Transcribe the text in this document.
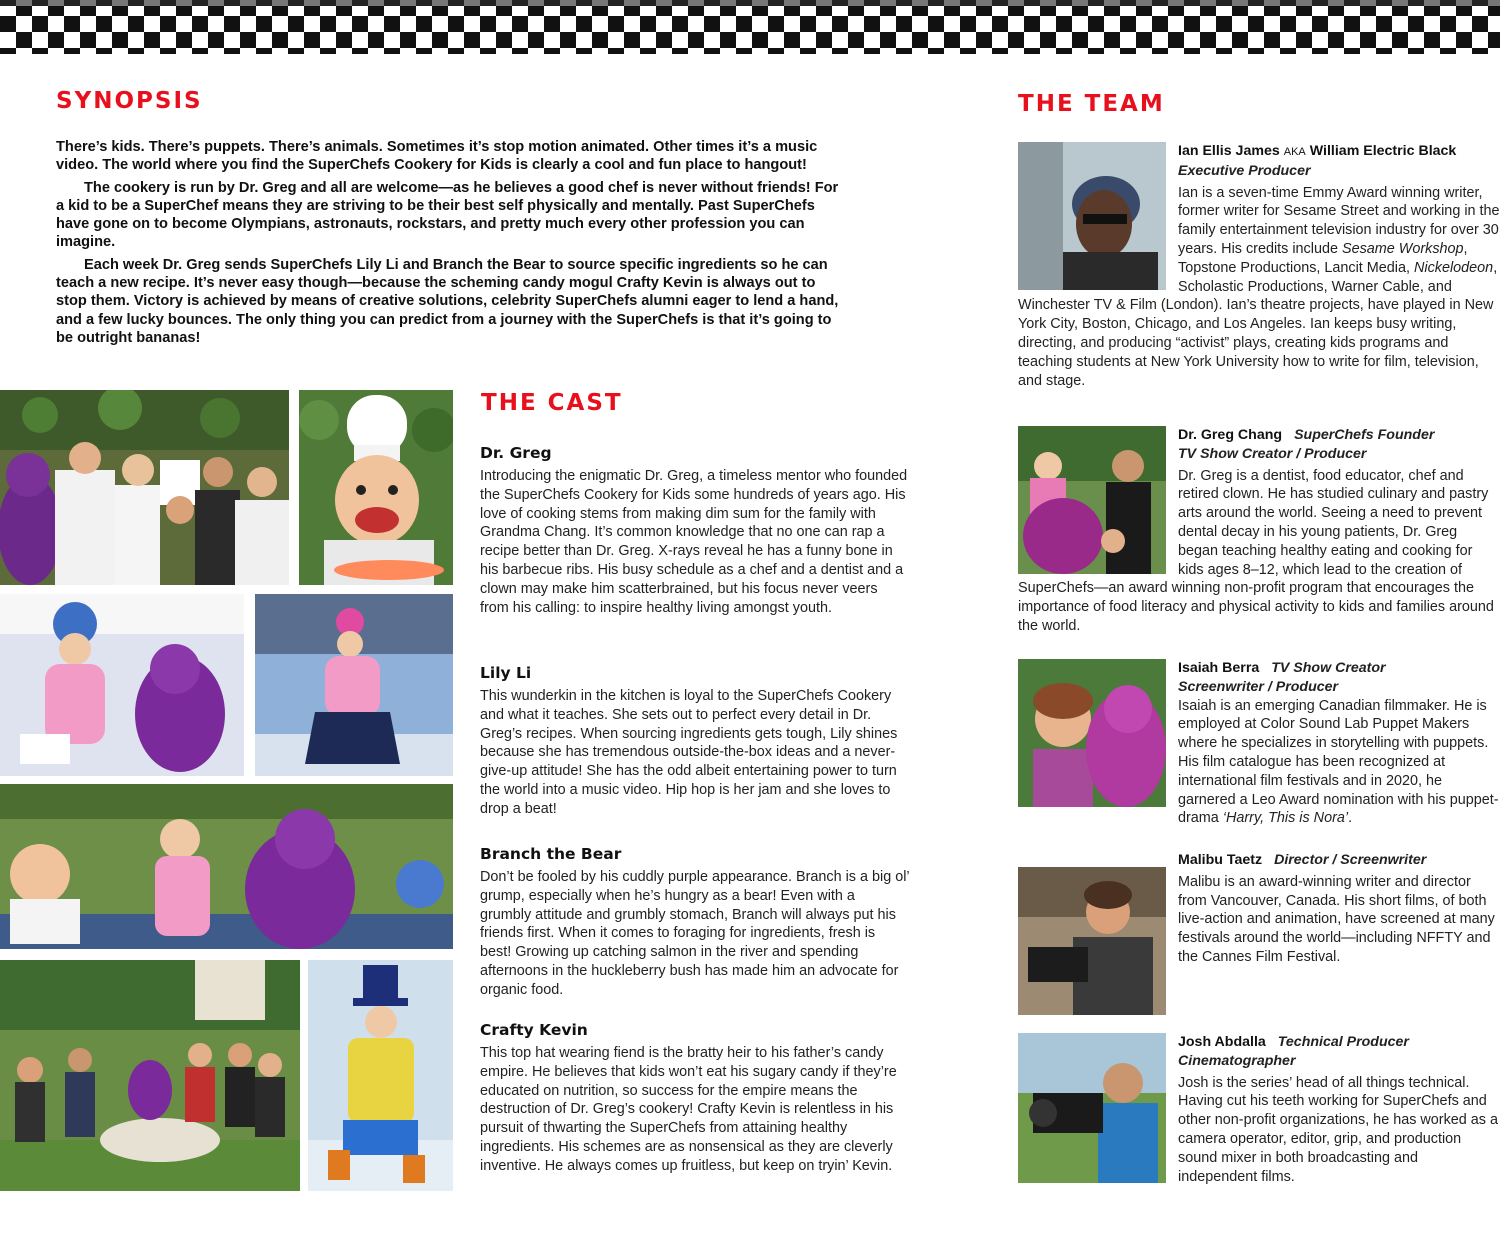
SYNOPSIS

There’s kids. There’s puppets. There’s animals. Sometimes it’s stop motion animated. Other times it’s a music video. The world where you find the SuperChefs Cookery for Kids is clearly a cool and fun place to hangout!

The cookery is run by Dr. Greg and all are welcome—as he believes a good chef is never without friends! For a kid to be a SuperChef means they are striving to be their best self physically and mentally. Past SuperChefs have gone on to become Olympians, astronauts, rockstars, and pretty much every other profession you can imagine.

Each week Dr. Greg sends SuperChefs Lily Li and Branch the Bear to source specific ingredients so he can teach a new recipe. It’s never easy though—because the scheming candy mogul Crafty Kevin is always out to stop them. Victory is achieved by means of creative solutions, celebrity SuperChefs alumni eager to lend a hand, and a few lucky bounces. The only thing you can predict from a journey with the SuperChefs is that it’s going to be outright bananas!

THE CAST
Dr. Greg

Introducing the enigmatic Dr. Greg, a timeless mentor who founded the SuperChefs Cookery for Kids some hundreds of years ago. His love of cooking stems from making dim sum for the family with Grandma Chang. It’s common knowledge that no one can rap a recipe better than Dr. Greg. X-rays reveal he has a funny bone in his barbecue ribs. His busy schedule as a chef and a dentist and a clown may make him scatterbrained, but his focus never veers from his calling: to inspire healthy living amongst youth.

Lily Li

This wunderkin in the kitchen is loyal to the SuperChefs Cookery and what it teaches. She sets out to perfect every detail in Dr. Greg’s recipes. When sourcing ingredients gets tough, Lily shines because she has tremendous outside-the-box ideas and a never-give-up attitude! She has the odd albeit entertaining power to turn the world into a music video. Hip hop is her jam and she loves to drop a beat!

Branch the Bear

Don’t be fooled by his cuddly purple appearance. Branch is a big ol’ grump, especially when he’s hungry as a bear! Even with a grumbly attitude and grumbly stomach, Branch will always put his friends first. When it comes to foraging for ingredients, fresh is best! Growing up catching salmon in the river and spending afternoons in the huckleberry bush has made him an advocate for organic food.

Crafty Kevin

This top hat wearing fiend is the bratty heir to his father’s candy empire. He believes that kids won’t eat his sugary candy if they’re educated on nutrition, so success for the empire means the destruction of Dr. Greg’s cookery! Crafty Kevin is relentless in his pursuit of thwarting the SuperChefs from attaining healthy ingredients. His schemes are as nonsensical as they are cleverly inventive. He always comes up fruitless, but keep on tryin’ Kevin.

THE TEAM

Ian Ellis James AKA William Electric Black

Executive Producer

Ian is a seven-time Emmy Award winning writer, former writer for Sesame Street and working in the family entertainment television industry for over 30 years. His credits include Sesame Workshop, Topstone Productions, Lancit Media, Nickelodeon, Scholastic Productions, Warner Cable, and Winchester TV & Film (London). Ian’s theatre projects, have played in New York City, Boston, Chicago, and Los Angeles. Ian keeps busy writing, directing, and producing “activist” plays, creating kids programs and teaching students at New York University how to write for film, television, and stage.

Dr. Greg Chang SuperChefs Founder

TV Show Creator / Producer

Dr. Greg is a dentist, food educator, chef and retired clown. He has studied culinary and pastry arts around the world. Seeing a need to prevent dental decay in his young patients, Dr. Greg began teaching healthy eating and cooking for kids ages 8–12, which lead to the creation of SuperChefs—an award winning non-profit program that encourages the importance of food literacy and physical activity to kids and families around the world.

Isaiah Berra TV Show Creator

Screenwriter / Producer

Isaiah is an emerging Canadian filmmaker. He is employed at Color Sound Lab Puppet Makers where he specializes in storytelling with puppets. His film catalogue has been recognized at international film festivals and in 2020, he garnered a Leo Award nomination with his puppet-drama ‘Harry, This is Nora’.

Malibu Taetz Director / Screenwriter

Malibu is an award-winning writer and director from Vancouver, Canada. His short films, of both live-action and animation, have screened at many festivals around the world—including NFFTY and the Cannes Film Festival.

Josh Abdalla Technical Producer

Cinematographer

Josh is the series’ head of all things technical. Having cut his teeth working for SuperChefs and other non-profit organizations, he has worked as a camera operator, editor, grip, and production sound mixer in both broadcasting and independent films.
